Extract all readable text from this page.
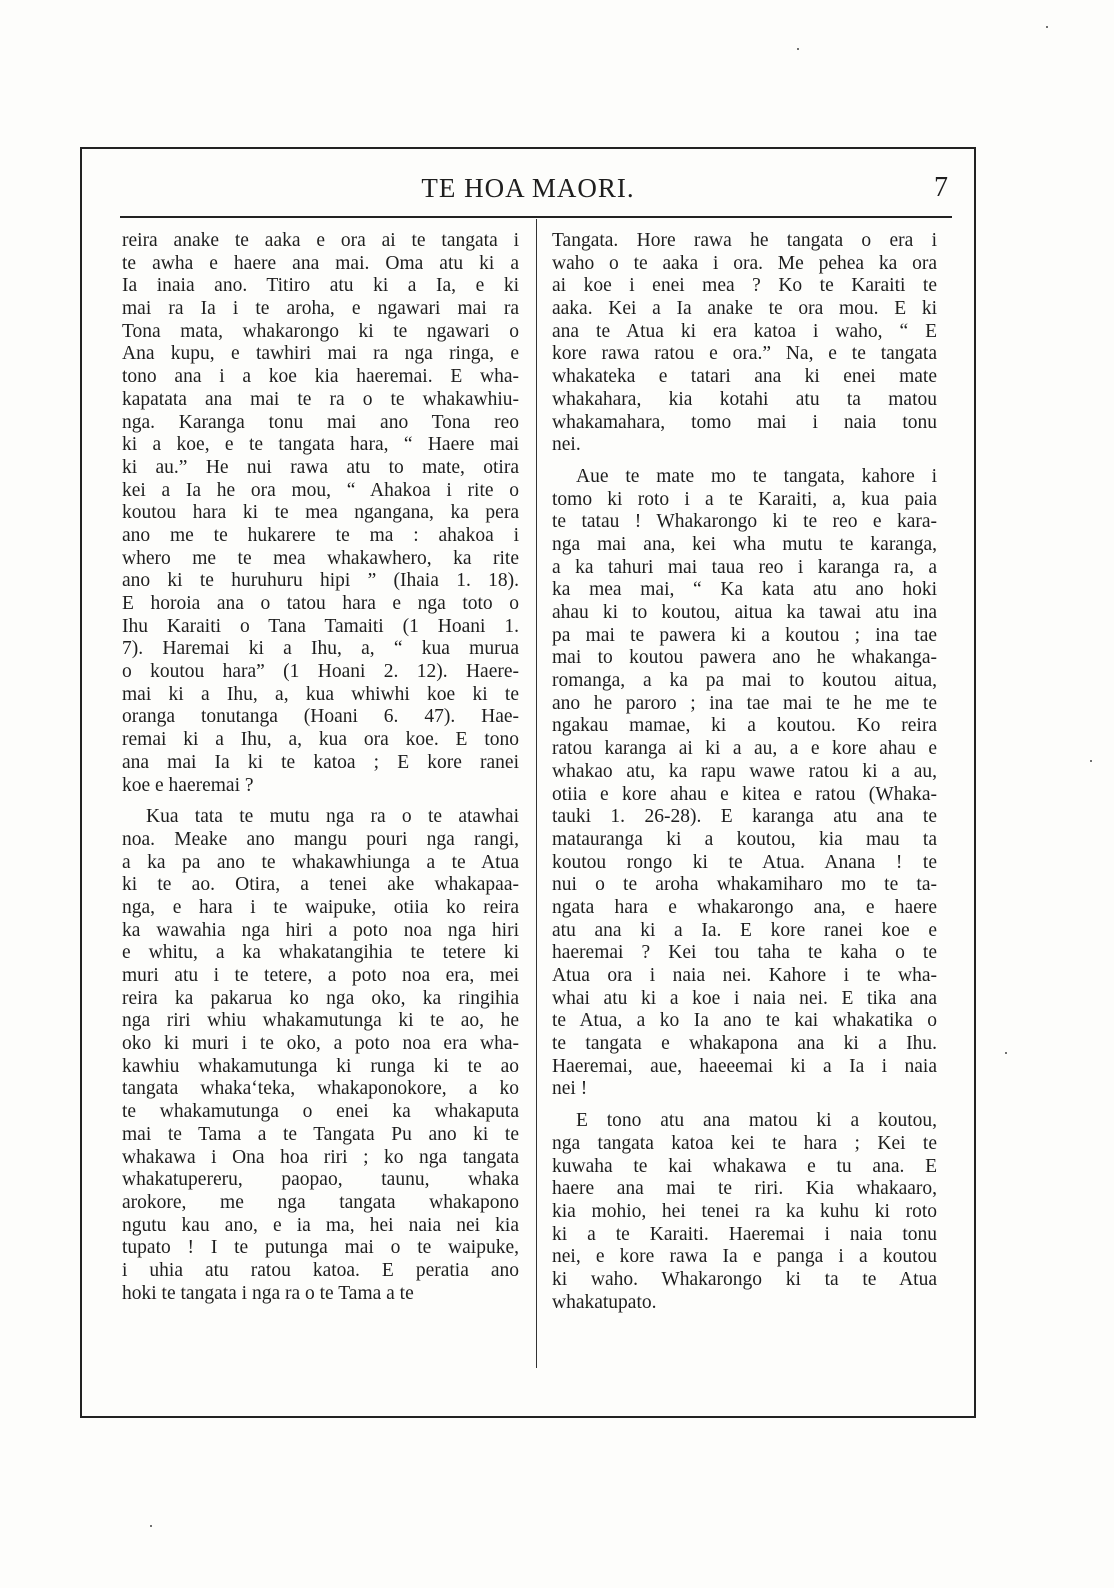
TE HOA MAORI.	7
reira anake te aaka e ora ai te tangata i
te awha e haere ana mai. Oma atu ki a
Ia inaia ano. Titiro atu ki a Ia, e ki
mai ra Ia i te aroha, e ngawari mai ra
Tona mata, whakarongo ki te ngawari o
Ana kupu, e tawhiri mai ra nga ringa, e
tono ana i a koe kia haeremai. E wha-
kapatata ana mai te ra o te whakawhiu-
nga. Karanga tonu mai ano Tona reo
ki a koe, e te tangata hara, “ Haere mai
ki au.” He nui rawa atu to mate, otira
kei a Ia he ora mou, “ Ahakoa i rite o
koutou hara ki te mea ngangana, ka pera
ano me te hukarere te ma : ahakoa i
whero me te mea whakawhero, ka rite
ano ki te huruhuru hipi ” (Ihaia 1. 18).
E horoia ana o tatou hara e nga toto o
Ihu Karaiti o Tana Tamaiti (1 Hoani 1.
7). Haremai ki a Ihu, a, “ kua murua
o koutou hara” (1 Hoani 2. 12). Haere-
mai ki a Ihu, a, kua whiwhi koe ki te
oranga tonutanga (Hoani 6. 47). Hae-
remai ki a Ihu, a, kua ora koe. E tono
ana mai Ia ki te katoa ; E kore ranei
koe e haeremai ?
Kua tata te mutu nga ra o te atawhai
noa. Meake ano mangu pouri nga rangi,
a ka pa ano te whakawhiunga a te Atua
ki te ao. Otira, a tenei ake whakapaa-
nga, e hara i te waipuke, otiia ko reira
ka wawahia nga hiri a poto noa nga hiri
e whitu, a ka whakatangihia te tetere ki
muri atu i te tetere, a poto noa era, mei
reira ka pakarua ko nga oko, ka ringihia
nga riri whiu whakamutunga ki te ao, he
oko ki muri i te oko, a poto noa era wha-
kawhiu whakamutunga ki runga ki te ao
tangata whaka‘teka, whakaponokore, a ko
te whakamutunga o enei ka whakaputa
mai te Tama a te Tangata Pu ano ki te
whakawa i Ona hoa riri ; ko nga tangata
whakatupereru, paopao, taunu, whaka
arokore, me nga tangata whakapono
ngutu kau ano, e ia ma, hei naia nei kia
tupato ! I te putunga mai o te waipuke,
i uhia atu ratou katoa. E peratia ano
hoki te tangata i nga ra o te Tama a te
Tangata. Hore rawa he tangata o era i
waho o te aaka i ora. Me pehea ka ora
ai koe i enei mea ? Ko te Karaiti te
aaka. Kei a Ia anake te ora mou. E ki
ana te Atua ki era katoa i waho, “ E
kore rawa ratou e ora.” Na, e te tangata
whakateka e tatari ana ki enei mate
whakahara, kia kotahi atu ta matou
whakamahara, tomo mai i naia tonu
nei.
Aue te mate mo te tangata, kahore i
tomo ki roto i a te Karaiti, a, kua paia
te tatau ! Whakarongo ki te reo e kara-
nga mai ana, kei wha mutu te karanga,
a ka tahuri mai taua reo i karanga ra, a
ka mea mai, “ Ka kata atu ano hoki
ahau ki to koutou, aitua ka tawai atu ina
pa mai te pawera ki a koutou ; ina tae
mai to koutou pawera ano he whakanga-
romanga, a ka pa mai to koutou aitua,
ano he paroro ; ina tae mai te he me te
ngakau mamae, ki a koutou. Ko reira
ratou karanga ai ki a au, a e kore ahau e
whakao atu, ka rapu wawe ratou ki a au,
otiia e kore ahau e kitea e ratou (Whaka-
tauki 1. 26-28). E karanga atu ana te
matauranga ki a koutou, kia mau ta
koutou rongo ki te Atua. Anana ! te
nui o te aroha whakamiharo mo te ta-
ngata hara e whakarongo ana, e haere
atu ana ki a Ia. E kore ranei koe e
haeremai ? Kei tou taha te kaha o te
Atua ora i naia nei. Kahore i te wha-
whai atu ki a koe i naia nei. E tika ana
te Atua, a ko Ia ano te kai whakatika o
te tangata e whakapona ana ki a Ihu.
Haeremai, aue, haeeemai ki a Ia i naia
nei !
E tono atu ana matou ki a koutou,
nga tangata katoa kei te hara ; Kei te
kuwaha te kai whakawa e tu ana. E
haere ana mai te riri. Kia whakaaro,
kia mohio, hei tenei ra ka kuhu ki roto
ki a te Karaiti. Haeremai i naia tonu
nei, e kore rawa Ia e panga i a koutou
ki waho. Whakarongo ki ta te Atua
whakatupato.
